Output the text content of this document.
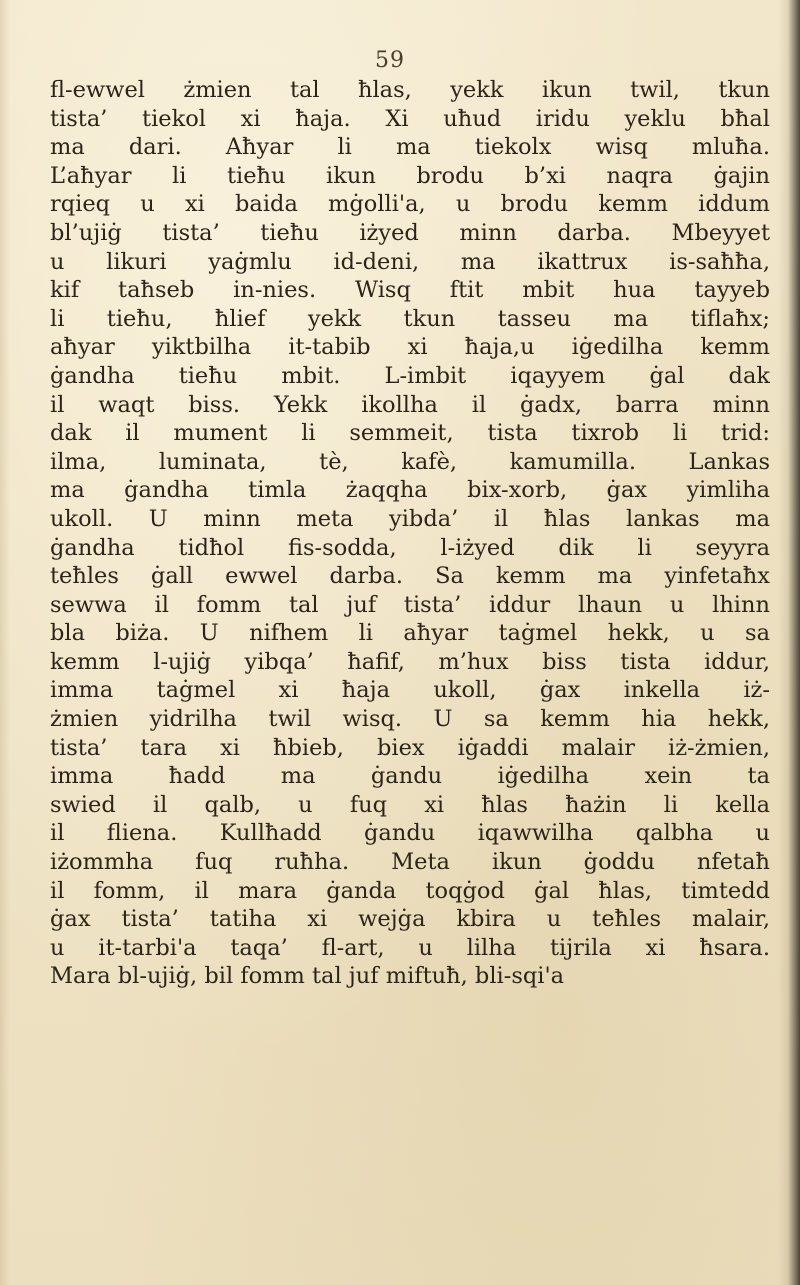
59
fl-ewwel żmien tal ħlas, yekk ikun twil, tkun
tista’ tiekol xi ħaja. Xi uħud iridu yeklu bħal
ma dari. Aħyar li ma tiekolx wisq mluħa.
L’aħyar li tieħu ikun brodu b’xi naqra ġajin
rqieq u xi baida mġolli'a, u brodu kemm iddum
bl’ujiġ tista’ tieħu iżyed minn darba. Mbeyyet
u likuri yaġmlu id-deni, ma ikattrux is-saħħa,
kif taħseb in-nies. Wisq ftit mbit hua tayyeb
li tieħu, ħlief yekk tkun tasseu ma tiflaħx;
aħyar yiktbilha it-tabib xi ħaja,u iġedilha kemm
ġandha tieħu mbit. L-imbit iqayyem ġal dak
il waqt biss. Yekk ikollha il ġadx, barra minn
dak il mument li semmeit, tista tixrob li trid:
ilma, luminata, tè, kafè, kamumilla. Lankas
ma ġandha timla żaqqha bix-xorb, ġax yimliha
ukoll. U minn meta yibda’ il ħlas lankas ma
ġandha tidħol fis-sodda, l-iżyed dik li seyyra
teħles ġall ewwel darba. Sa kemm ma yinfetaħx
sewwa il fomm tal juf tista’ iddur lhaun u lhinn
bla biża. U nifhem li aħyar taġmel hekk, u sa
kemm l-ujiġ yibqa’ ħafif, m’hux biss tista iddur,
imma taġmel xi ħaja ukoll, ġax inkella iż-
żmien yidrilha twil wisq. U sa kemm hia hekk,
tista’ tara xi ħbieb, biex iġaddi malair iż-żmien,
imma ħadd ma ġandu iġedilha xein ta
swied il qalb, u fuq xi ħlas ħażin li kella
il fliena. Kullħadd ġandu iqawwilha qalbha u
iżommha fuq ruħha. Meta ikun ġoddu nfetaħ
il fomm, il mara ġanda toqġod ġal ħlas, timtedd
ġax tista’ tatiha xi wejġa kbira u teħles malair,
u it-tarbi'a taqa’ fl-art, u lilha tijrila xi ħsara.
Mara bl-ujiġ, bil fomm tal juf miftuħ, bli-sqi'a
